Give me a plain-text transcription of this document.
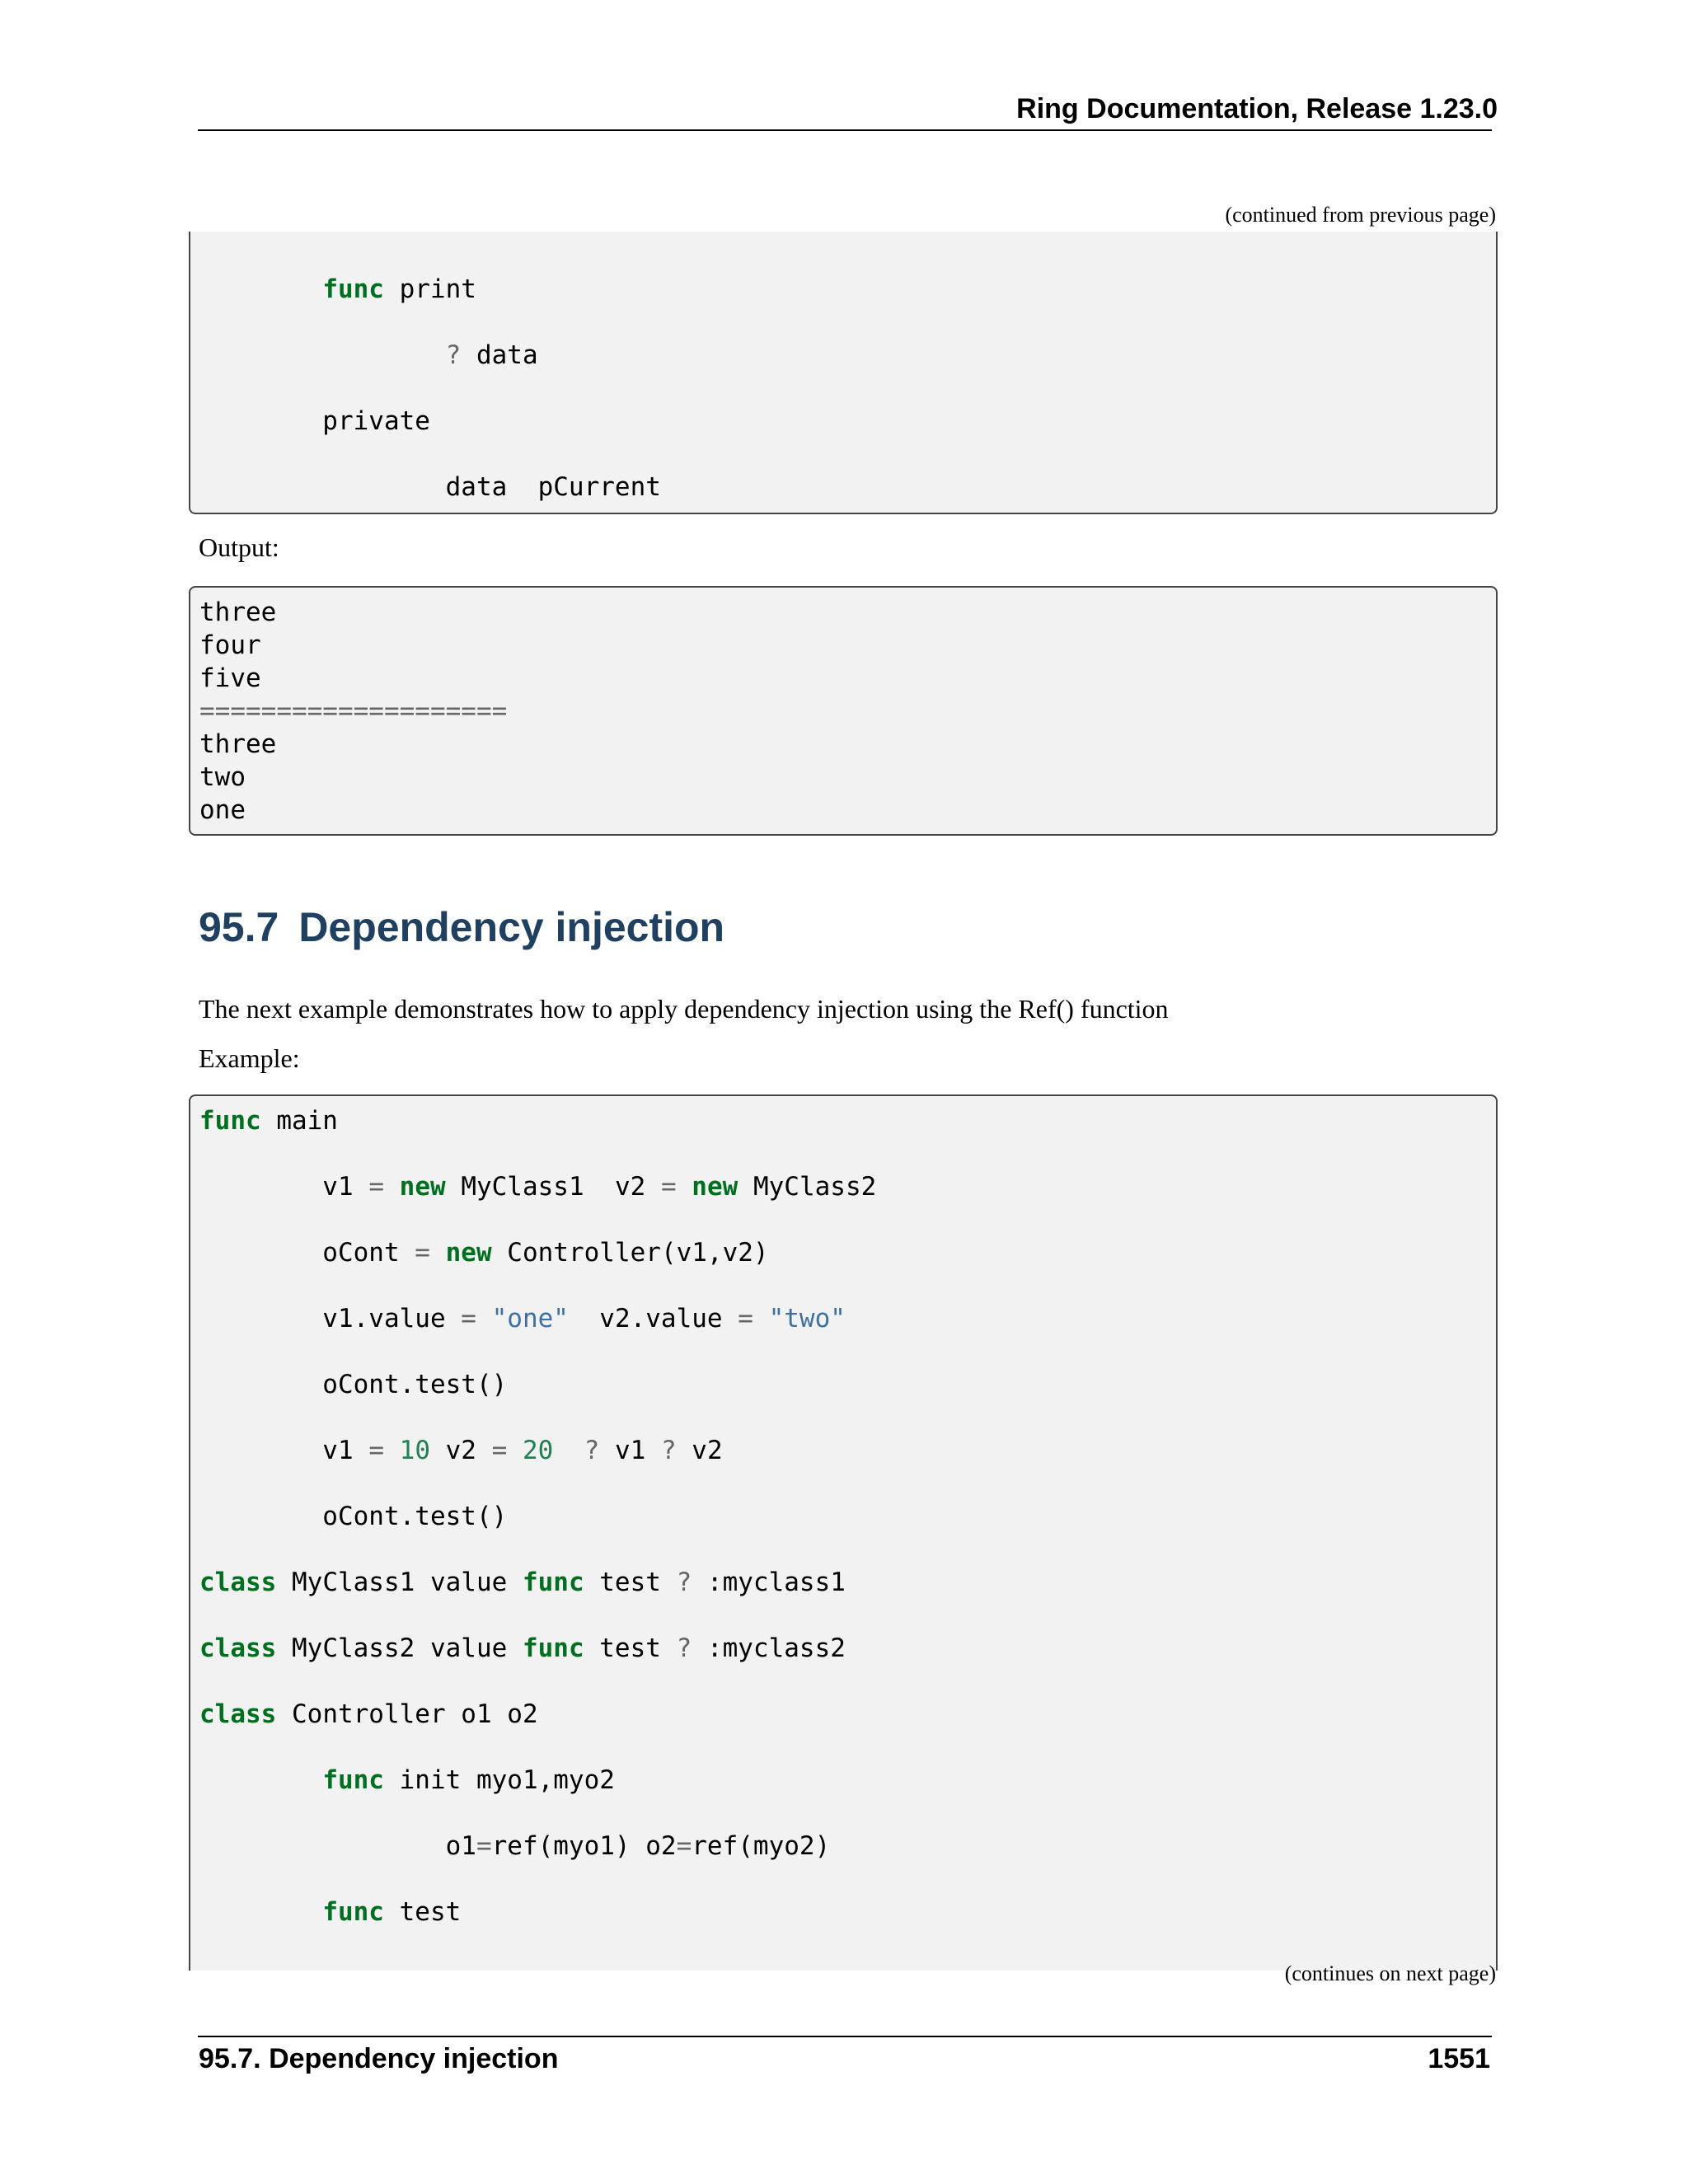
Ring Documentation, Release 1.23.0
(continued from previous page)
func print

? data

private

data  pCurrent
Output:
three
four
five
====================
three
two
one
95.7 Dependency injection
The next example demonstrates how to apply dependency injection using the Ref() function
Example:
func main

v1 = new MyClass1  v2 = new MyClass2

oCont = new Controller(v1,v2)

v1.value = "one"  v2.value = "two"

oCont.test()

v1 = 10 v2 = 20 ? v1 ? v2

oCont.test()

class MyClass1 value func test ? :myclass1

class MyClass2 value func test ? :myclass2

class Controller o1 o2

func init myo1,myo2

o1=ref(myo1) o2=ref(myo2)

func test
(continues on next page)
95.7. Dependency injection	1551
